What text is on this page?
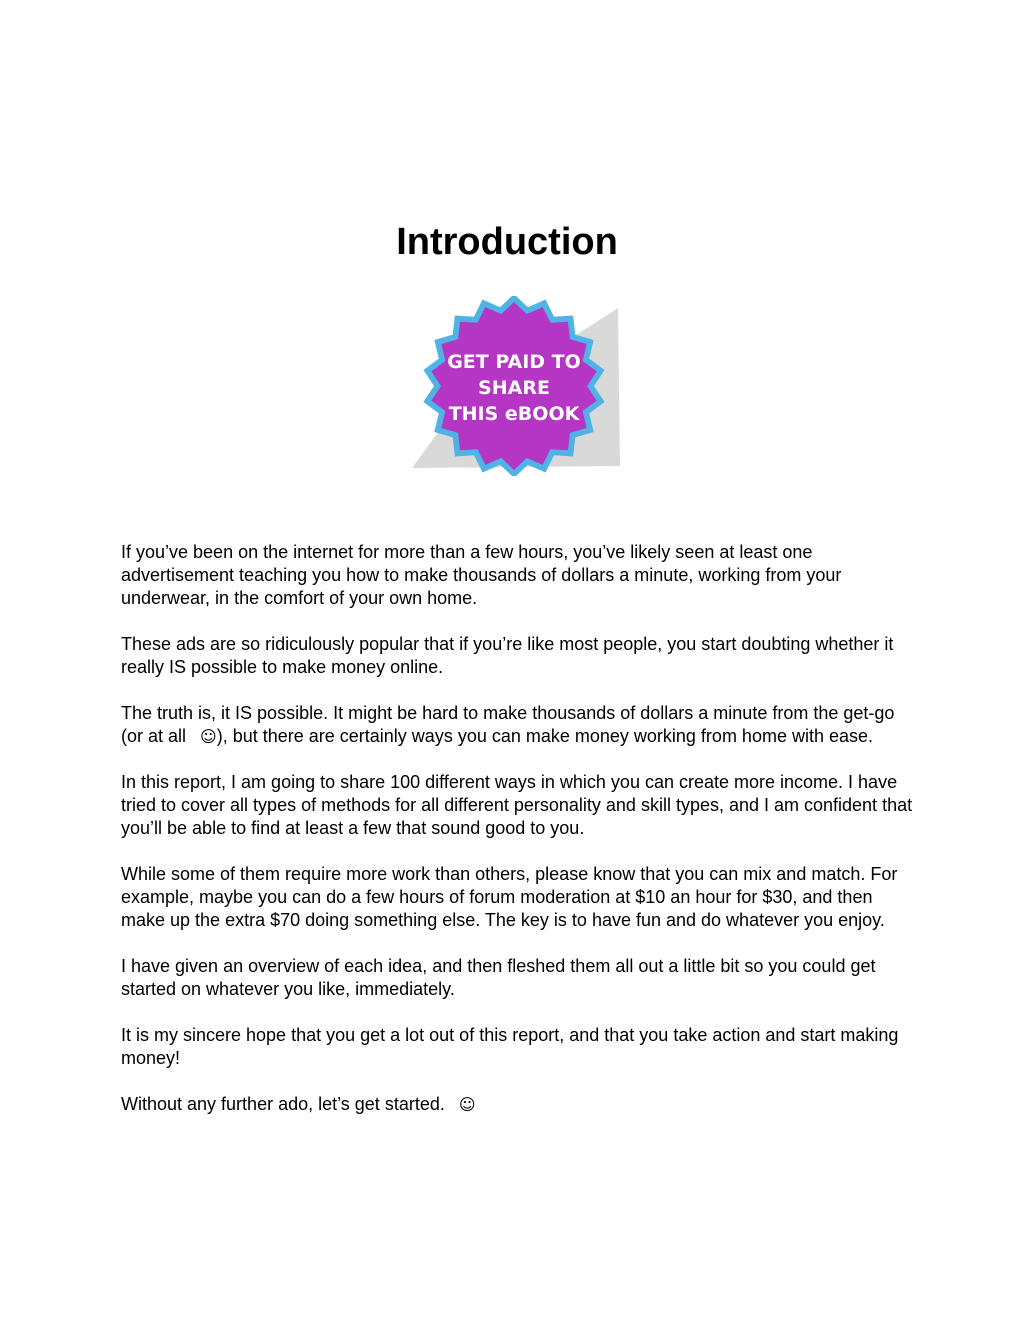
Introduction
GET PAID TO
SHARE
THIS eBOOK

If you’ve been on the internet for more than a few hours, you’ve likely seen at least one advertisement teaching you how to make thousands of dollars a minute, working from your underwear, in the comfort of your own home.

These ads are so ridiculously popular that if you’re like most people, you start doubting whether it really IS possible to make money online.

The truth is, it IS possible. It might be hard to make thousands of dollars a minute from the get-go (or at all ☺), but there are certainly ways you can make money working from home with ease.

In this report, I am going to share 100 different ways in which you can create more income. I have tried to cover all types of methods for all different personality and skill types, and I am confident that you’ll be able to find at least a few that sound good to you.

While some of them require more work than others, please know that you can mix and match. For example, maybe you can do a few hours of forum moderation at $10 an hour for $30, and then make up the extra $70 doing something else. The key is to have fun and do whatever you enjoy.

I have given an overview of each idea, and then fleshed them all out a little bit so you could get started on whatever you like, immediately.

It is my sincere hope that you get a lot out of this report, and that you take action and start making money!

Without any further ado, let’s get started. ☺
